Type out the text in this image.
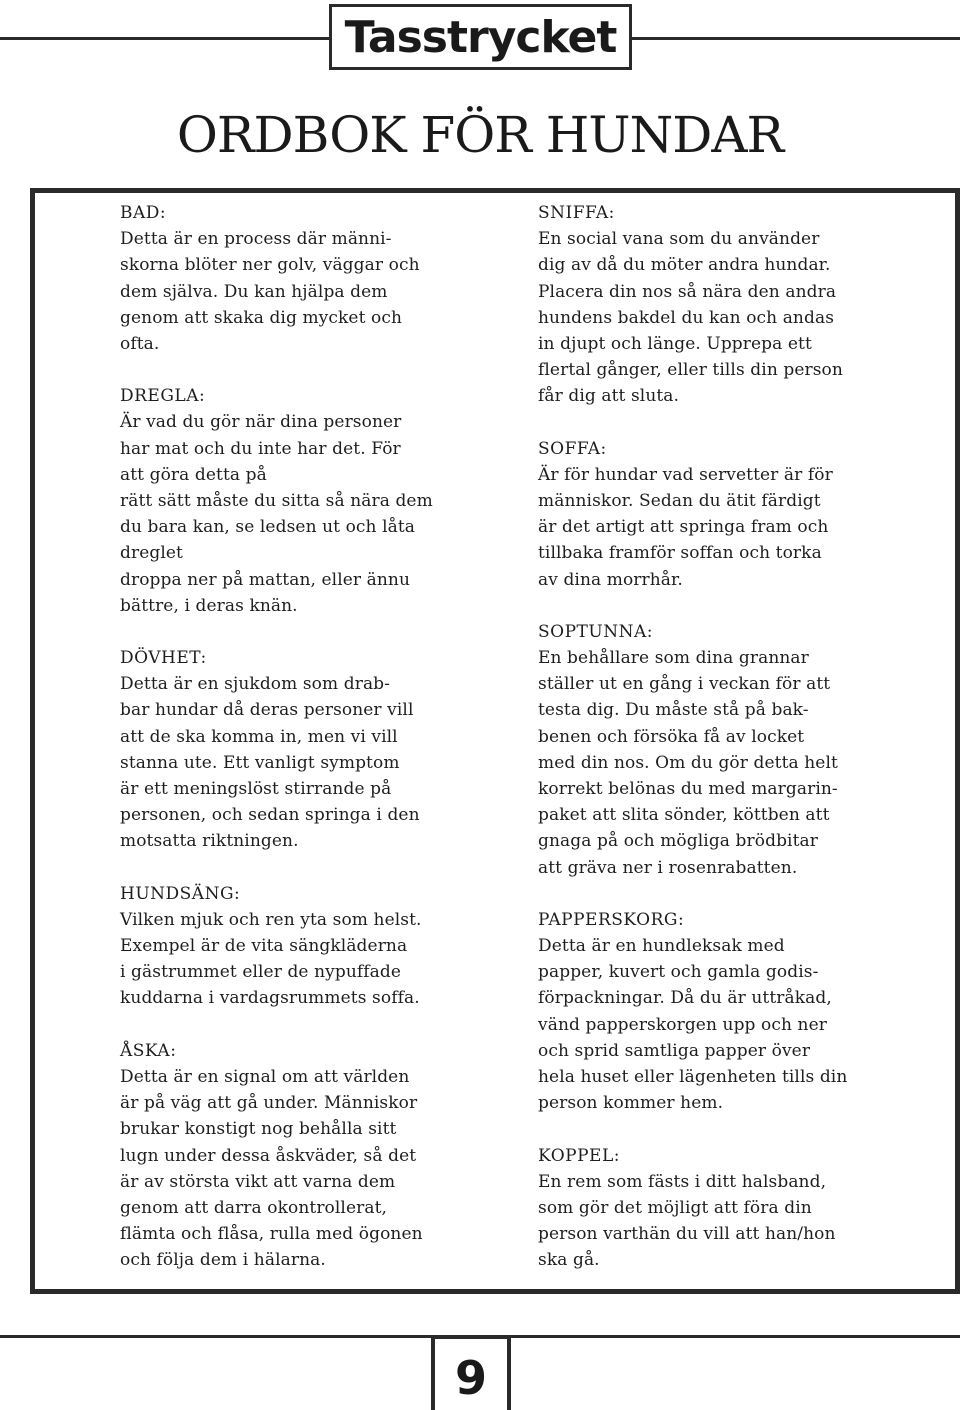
Tasstrycket
ORDBOK FÖR HUNDAR
BAD:
Detta är en process där männi-
skorna blöter ner golv, väggar och
dem själva. Du kan hjälpa dem
genom att skaka dig mycket och
ofta.
DREGLA:
Är vad du gör när dina personer
har mat och du inte har det. För
att göra detta på
rätt sätt måste du sitta så nära dem
du bara kan, se ledsen ut och låta
dreglet
droppa ner på mattan, eller ännu
bättre, i deras knän.
DÖVHET:
Detta är en sjukdom som drab-
bar hundar då deras personer vill
att de ska komma in, men vi vill
stanna ute. Ett vanligt symptom
är ett meningslöst stirrande på
personen, och sedan springa i den
motsatta riktningen.
HUNDSÄNG:
Vilken mjuk och ren yta som helst.
Exempel är de vita sängkläderna
i gästrummet eller de nypuffade
kuddarna i vardagsrummets soffa.
ÅSKA:
Detta är en signal om att världen
är på väg att gå under. Människor
brukar konstigt nog behålla sitt
lugn under dessa åskväder, så det
är av största vikt att varna dem
genom att darra okontrollerat,
flämta och flåsa, rulla med ögonen
och följa dem i hälarna.
SNIFFA:
En social vana som du använder
dig av då du möter andra hundar.
Placera din nos så nära den andra
hundens bakdel du kan och andas
in djupt och länge. Upprepa ett
flertal gånger, eller tills din person
får dig att sluta.
SOFFA:
Är för hundar vad servetter är för
människor. Sedan du ätit färdigt
är det artigt att springa fram och
tillbaka framför soffan och torka
av dina morrhår.
SOPTUNNA:
En behållare som dina grannar
ställer ut en gång i veckan för att
testa dig. Du måste stå på bak-
benen och försöka få av locket
med din nos. Om du gör detta helt
korrekt belönas du med margarin-
paket att slita sönder, köttben att
gnaga på och mögliga brödbitar
att gräva ner i rosenrabatten.
PAPPERSKORG:
Detta är en hundleksak med
papper, kuvert och gamla godis-
förpackningar. Då du är uttråkad,
vänd papperskorgen upp och ner
och sprid samtliga papper över
hela huset eller lägenheten tills din
person kommer hem.
KOPPEL:
En rem som fästs i ditt halsband,
som gör det möjligt att föra din
person varthän du vill att han/hon
ska gå.
9
